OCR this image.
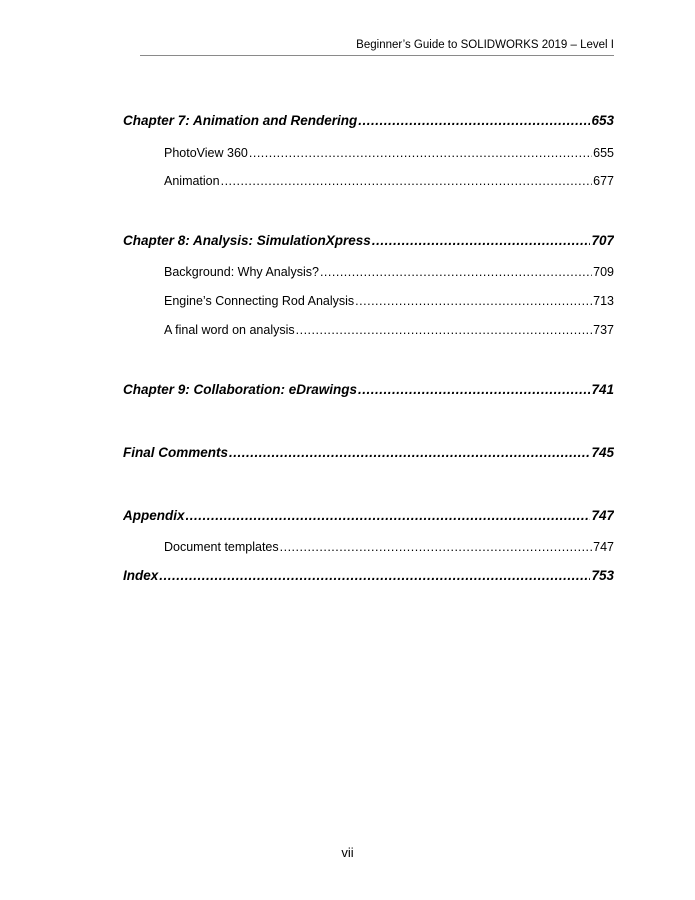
Beginner’s Guide to SOLIDWORKS 2019 – Level I
Chapter 7: Animation and Rendering .....	653
PhotoView 360 .....	655
Animation .....	677
Chapter 8: Analysis: SimulationXpress .....	707
Background: Why Analysis? .....	709
Engine’s Connecting Rod Analysis .....	713
A final word on analysis .....	737
Chapter 9: Collaboration: eDrawings .....	741
Final Comments .....	745
Appendix .....	747
Document templates .....	747
Index .....	753
vii
